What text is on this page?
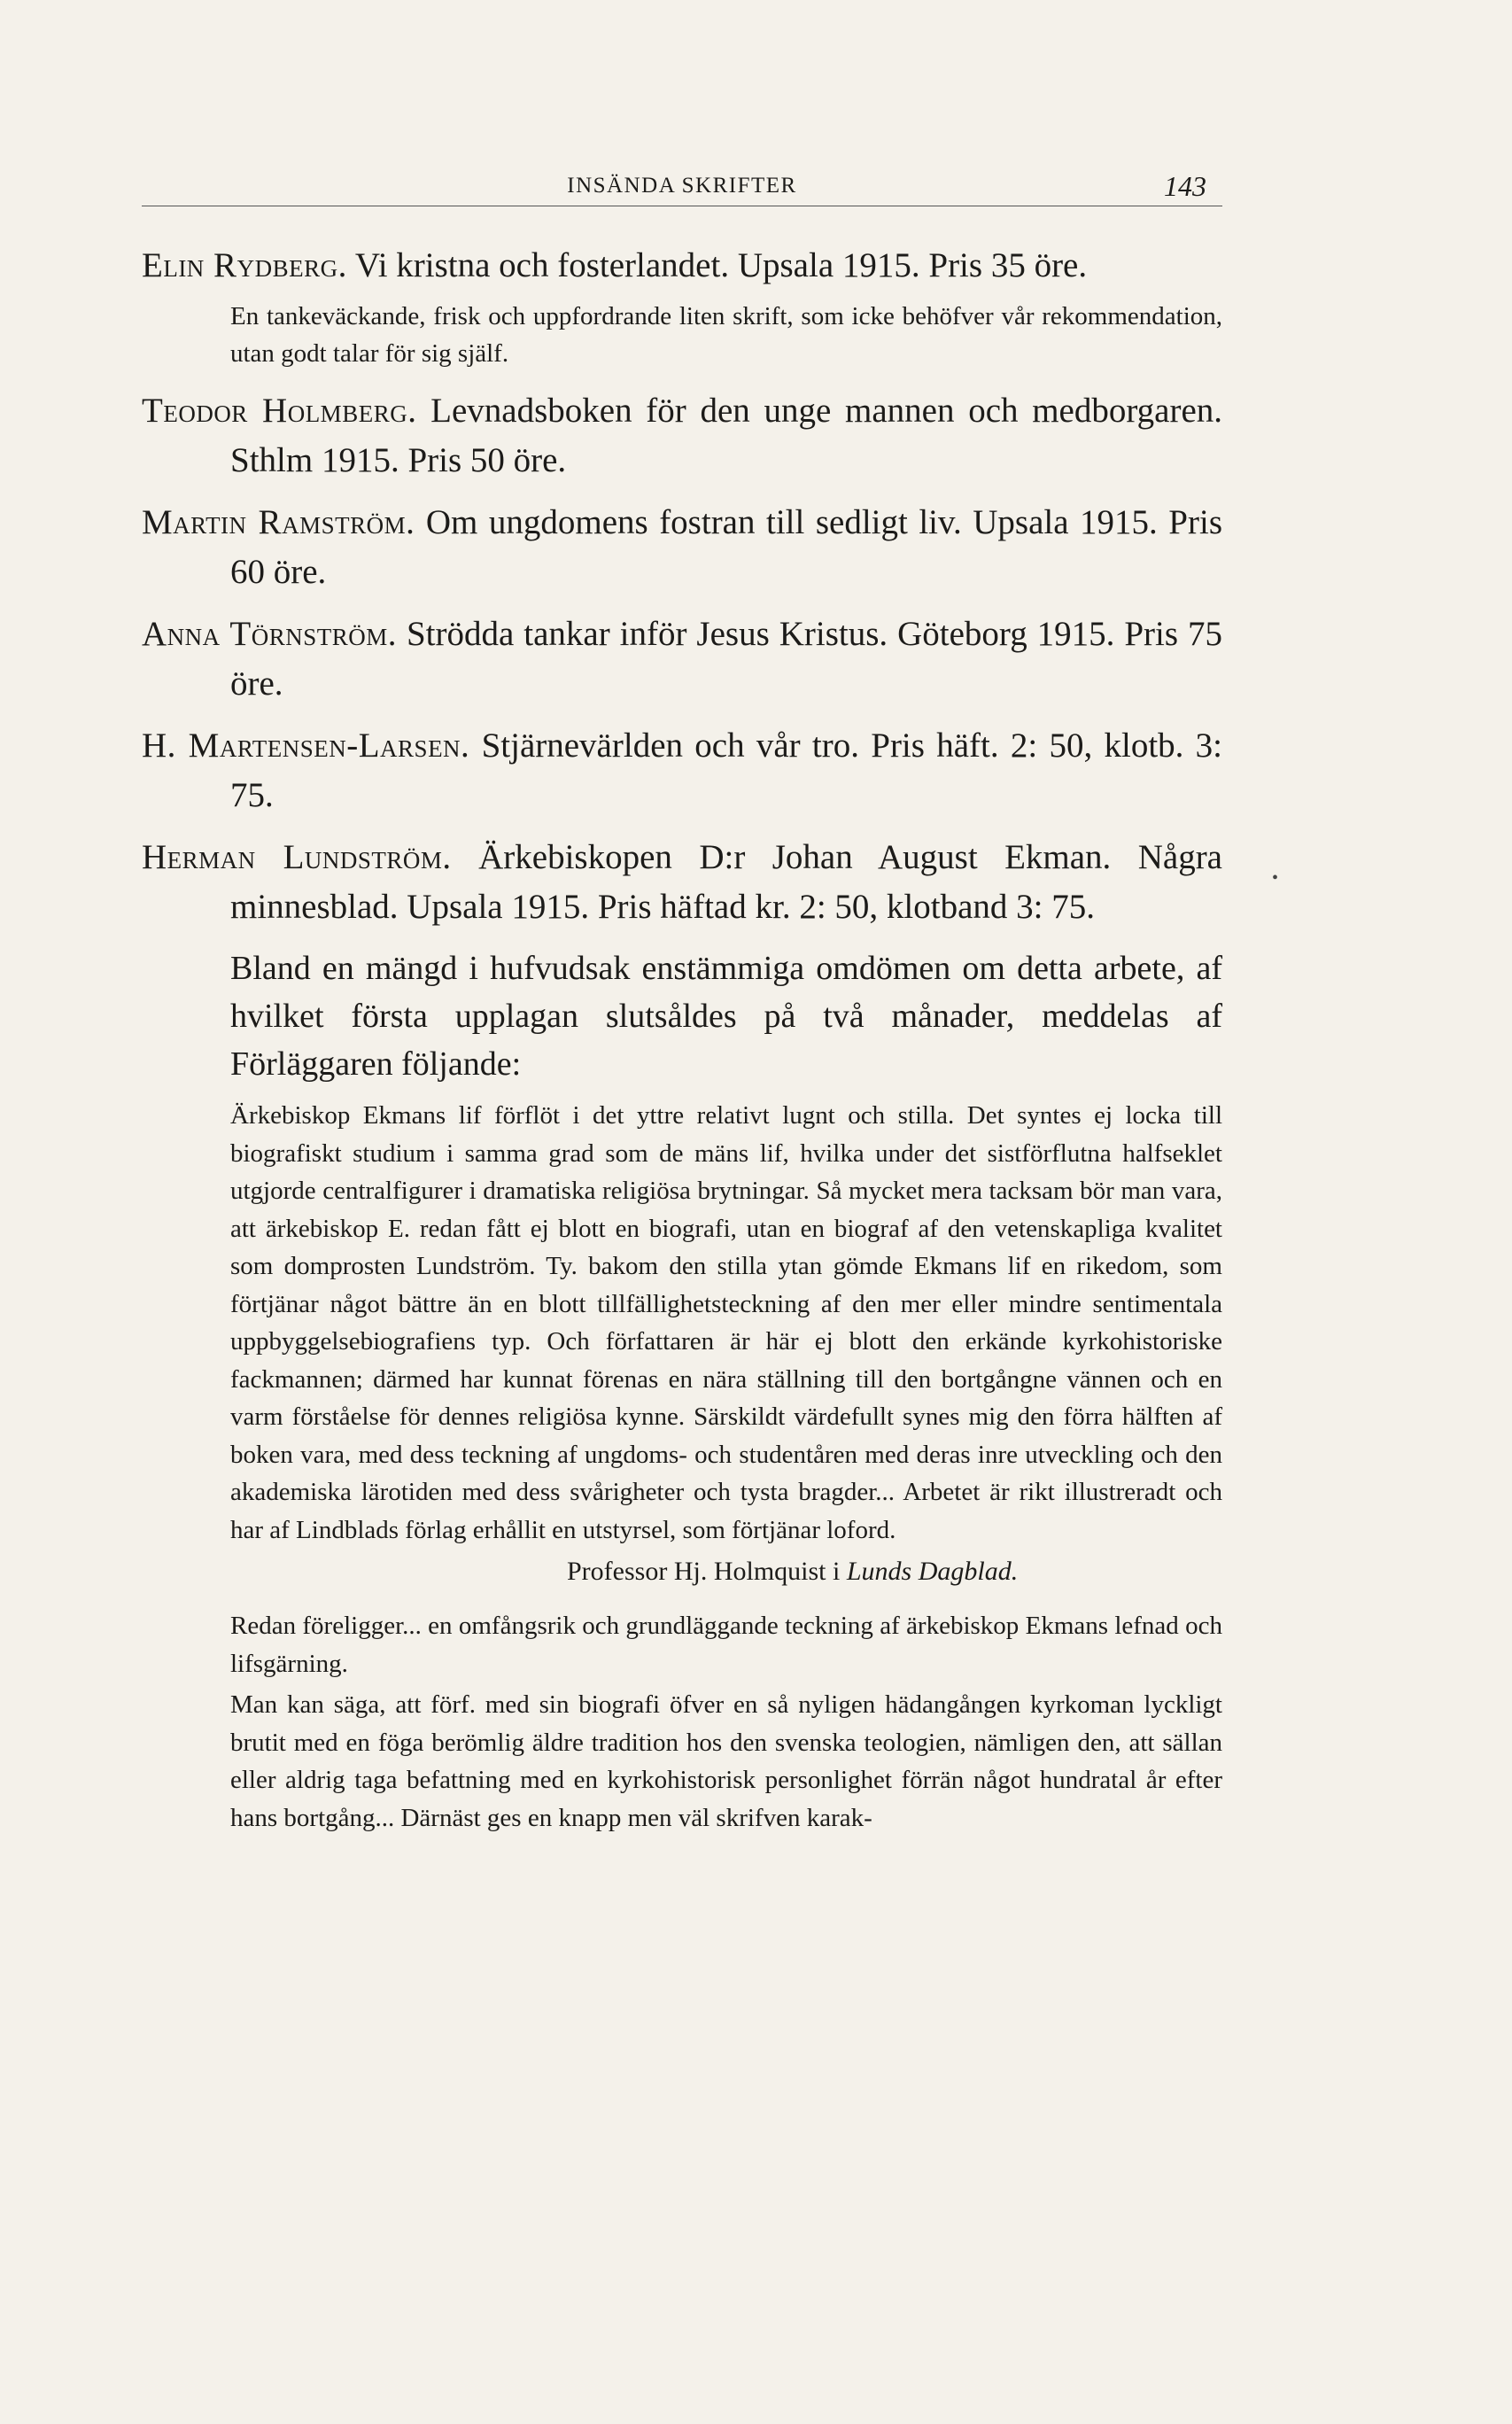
INSÄNDA SKRIFTER	143
•

Elin Rydberg. Vi kristna och fosterlandet. Upsala 1915. Pris 35 öre.

En tankeväckande, frisk och uppfordrande liten skrift, som icke behöfver vår rekommendation, utan godt talar för sig själf.

Teodor Holmberg. Levnadsboken för den unge mannen och medborgaren. Sthlm 1915. Pris 50 öre.

Martin Ramström. Om ungdomens fostran till sedligt liv. Upsala 1915. Pris 60 öre.

Anna Törnström. Strödda tankar inför Jesus Kristus. Göteborg 1915. Pris 75 öre.

H. Martensen-Larsen. Stjärnevärlden och vår tro. Pris häft. 2: 50, klotb. 3: 75.

Herman Lundström. Ärkebiskopen D:r Johan August Ekman. Några minnesblad. Upsala 1915. Pris häftad kr. 2: 50, klotband 3: 75.

Bland en mängd i hufvudsak enstämmiga omdömen om detta arbete, af hvilket första upplagan slutsåldes på två månader, meddelas af Förläggaren följande:

Ärkebiskop Ekmans lif förflöt i det yttre relativt lugnt och stilla. Det syntes ej locka till biografiskt studium i samma grad som de mäns lif, hvilka under det sistförflutna halfseklet utgjorde centralfigurer i dramatiska religiösa brytningar. Så mycket mera tacksam bör man vara, att ärkebiskop E. redan fått ej blott en biografi, utan en biograf af den vetenskapliga kvalitet som domprosten Lundström. Ty. bakom den stilla ytan gömde Ekmans lif en rikedom, som förtjänar något bättre än en blott tillfällighetsteckning af den mer eller mindre sentimentala uppbyggelsebiografiens typ. Och författaren är här ej blott den erkände kyrkohistoriske fackmannen; därmed har kunnat förenas en nära ställning till den bortgångne vännen och en varm förståelse för dennes religiösa kynne. Särskildt värdefullt synes mig den förra hälften af boken vara, med dess teckning af ungdoms- och studentåren med deras inre utveckling och den akademiska lärotiden med dess svårigheter och tysta bragder... Arbetet är rikt illustreradt och har af Lindblads förlag erhållit en utstyrsel, som förtjänar loford.

Professor Hj. Holmquist i Lunds Dagblad.

Redan föreligger... en omfångsrik och grundläggande teckning af ärkebiskop Ekmans lefnad och lifsgärning.

Man kan säga, att förf. med sin biografi öfver en så nyligen hädangången kyrkoman lyckligt brutit med en föga berömlig äldre tradition hos den svenska teologien, nämligen den, att sällan eller aldrig taga befattning med en kyrkohistorisk personlighet förrän något hundratal år efter hans bortgång... Därnäst ges en knapp men väl skrifven karak-
